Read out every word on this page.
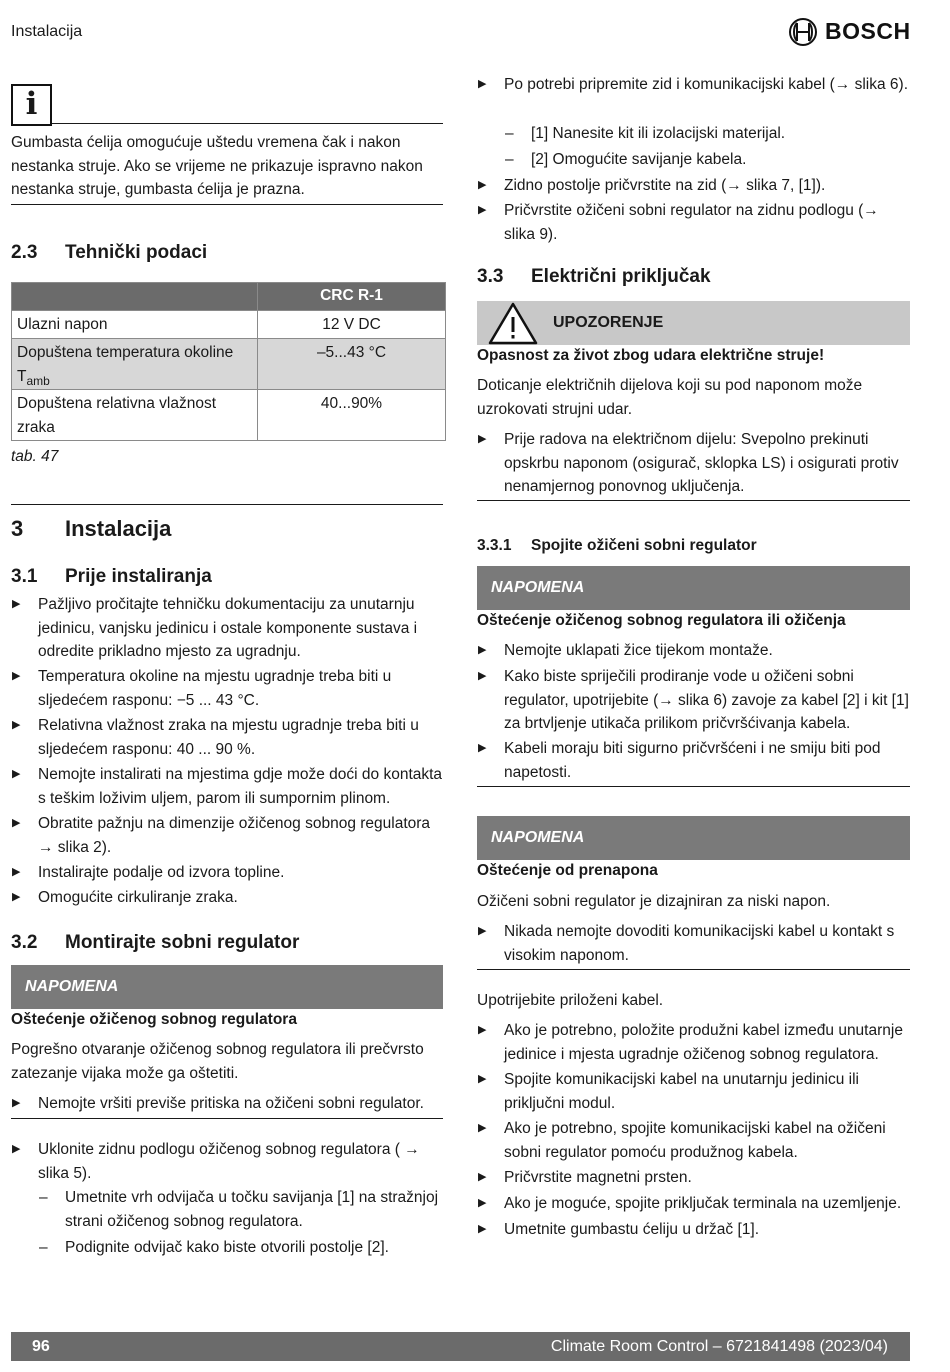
Instalacija	BOSCH
i
Gumbasta ćelija omogućuje uštedu vremena čak i nakon nestanka struje. Ako se vrijeme ne prikazuje ispravno nakon nestanka struje, gumbasta ćelija je prazna.
2.3 Tehnički podaci
	CRC R-1
Ulazni napon	12 V DC
Dopuštena temperatura okoline $T_{amb}$	–5...43 °C
Dopuštena relativna vlažnost zraka	40...90%
tab. 47
3 Instalacija
3.1 Prije instaliranja
▶ Pažljivo pročitajte tehničku dokumentaciju za unutarnju jedinicu, vanjsku jedinicu i ostale komponente sustava i odredite prikladno mjesto za ugradnju.
▶ Temperatura okoline na mjestu ugradnje treba biti u sljedećem rasponu: −5 ... 43 °C.
▶ Relativna vlažnost zraka na mjestu ugradnje treba biti u sljedećem rasponu: 40 ... 90 %.
▶ Nemojte instalirati na mjestima gdje može doći do kontakta s teškim loživim uljem, parom ili sumpornim plinom.
▶ Obratite pažnju na dimenzije ožičenog sobnog regulatora → slika 2).
▶ Instalirajte podalje od izvora topline.
▶ Omogućite cirkuliranje zraka.
3.2 Montirajte sobni regulator
NAPOMENA
Oštećenje ožičenog sobnog regulatora
Pogrešno otvaranje ožičenog sobnog regulatora ili prečvrsto zatezanje vijaka može ga oštetiti.
▶ Nemojte vršiti previše pritiska na ožičeni sobni regulator.
▶ Uklonite zidnu podlogu ožičenog sobnog regulatora ( → slika 5).
– Umetnite vrh odvijača u točku savijanja [1] na stražnjoj strani ožičenog sobnog regulatora.
– Podignite odvijač kako biste otvorili postolje [2].
▶ Po potrebi pripremite zid i komunikacijski kabel (→ slika 6).
– [1] Nanesite kit ili izolacijski materijal.
– [2] Omogućite savijanje kabela.
▶ Zidno postolje pričvrstite na zid (→ slika 7, [1]).
▶ Pričvrstite ožičeni sobni regulator na zidnu podlogu (→ slika 9).
3.3 Električni priključak
UPOZORENJE
Opasnost za život zbog udara električne struje!
Doticanje električnih dijelova koji su pod naponom može uzrokovati strujni udar.
▶ Prije radova na električnom dijelu: Svepolno prekinuti opskrbu naponom (osigurač, sklopka LS) i osigurati protiv nenamjernog ponovnog uključenja.
3.3.1 Spojite ožičeni sobni regulator
NAPOMENA
Oštećenje ožičenog sobnog regulatora ili ožičenja
▶ Nemojte uklapati žice tijekom montaže.
▶ Kako biste spriječili prodiranje vode u ožičeni sobni regulator, upotrijebite (→ slika 6) zavoje za kabel [2] i kit [1] za brtvljenje utikača prilikom pričvršćivanja kabela.
▶ Kabeli moraju biti sigurno pričvršćeni i ne smiju biti pod napetosti.
NAPOMENA
Oštećenje od prenapona
Ožičeni sobni regulator je dizajniran za niski napon.
▶ Nikada nemojte dovoditi komunikacijski kabel u kontakt s visokim naponom.
Upotrijebite priloženi kabel.
▶ Ako je potrebno, položite produžni kabel između unutarnje jedinice i mjesta ugradnje ožičenog sobnog regulatora.
▶ Spojite komunikacijski kabel na unutarnju jedinicu ili priključni modul.
▶ Ako je potrebno, spojite komunikacijski kabel na ožičeni sobni regulator pomoću produžnog kabela.
▶ Pričvrstite magnetni prsten.
▶ Ako je moguće, spojite priključak terminala na uzemljenje.
▶ Umetnite gumbastu ćeliju u držač [1].
96	Climate Room Control – 6721841498 (2023/04)
